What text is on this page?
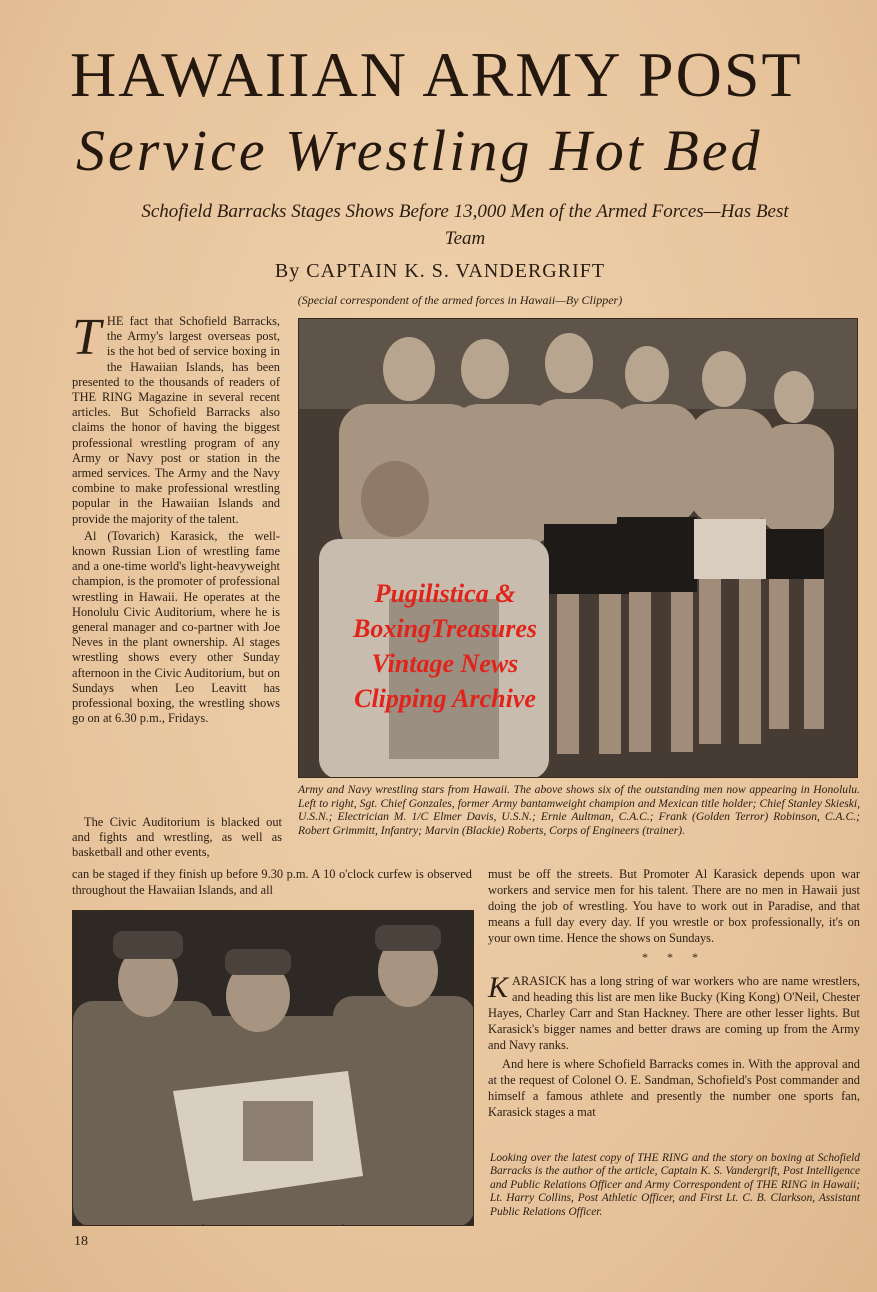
HAWAIIAN ARMY POST
Service Wrestling Hot Bed
Schofield Barracks Stages Shows Before 13,000 Men of the Armed Forces—Has Best Team
By CAPTAIN K. S. VANDERGRIFT
(Special correspondent of the armed forces in Hawaii—By Clipper)

T HE fact that Schofield Barracks, the Army's largest overseas post, is the hot bed of service boxing in the Hawaiian Islands, has been presented to the thousands of readers of THE RING Magazine in several recent articles. But Schofield Barracks also claims the honor of having the biggest professional wrestling program of any Army or Navy post or station in the armed services. The Army and the Navy combine to make professional wrestling popular in the Hawaiian Islands and provide the majority of the talent.

Al (Tovarich) Karasick, the well-known Russian Lion of wrestling fame and a one-time world's light-heavyweight champion, is the promoter of professional wrestling in Hawaii. He operates at the Honolulu Civic Auditorium, where he is general manager and co-partner with Joe Neves in the plant ownership. Al stages wrestling shows every other Sunday afternoon in the Civic Auditorium, but on Sundays when Leo Leavitt has professional boxing, the wrestling shows go on at 6.30 p.m., Fridays.

The Civic Auditorium is blacked out and fights and wrestling, as well as basketball and other events,

can be staged if they finish up before 9.30 p.m. A 10 o'clock curfew is observed throughout the Hawaiian Islands, and all
Pugilistica &
BoxingTreasures
Vintage News
Clipping Archive
Army and Navy wrestling stars from Hawaii. The above shows six of the outstanding men now appearing in Honolulu. Left to right, Sgt. Chief Gonzales, former Army bantamweight champion and Mexican title holder; Chief Stanley Skieski, U.S.N.; Electrician M. 1/C Elmer Davis, U.S.N.; Ernie Aultman, C.A.C.; Frank (Golden Terror) Robinson, C.A.C.; Robert Grimmitt, Infantry; Marvin (Blackie) Roberts, Corps of Engineers (trainer).

must be off the streets. But Promoter Al Karasick depends upon war workers and service men for his talent. There are no men in Hawaii just doing the job of wrestling. You have to work out in Paradise, and that means a full day every day. If you wrestle or box professionally, it's on your own time. Hence the shows on Sundays.

* * *

K ARASICK has a long string of war workers who are name wrestlers, and heading this list are men like Bucky (King Kong) O'Neil, Chester Hayes, Charley Carr and Stan Hackney. There are other lesser lights. But Karasick's bigger names and better draws are coming up from the Army and Navy ranks.

And here is where Schofield Barracks comes in. With the approval and at the request of Colonel O. E. Sandman, Schofield's Post commander and himself a famous athlete and presently the number one sports fan, Karasick stages a mat

Looking over the latest copy of THE RING and the story on boxing at Schofield Barracks is the author of the article, Captain K. S. Vandergrift, Post Intelligence and Public Relations Officer and Army Correspondent of THE RING in Hawaii; Lt. Harry Collins, Post Athletic Officer, and First Lt. C. B. Clarkson, Assistant Public Relations Officer.
18
